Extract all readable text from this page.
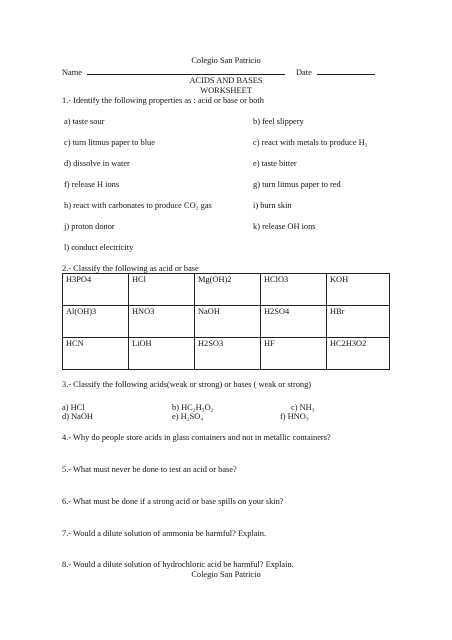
Colegio San Patricio
Name	Date
ACIDS AND BASES
WORKSHEET
1.- Identify the following properties as : acid or base or both
a) taste sour	b) feel slippery
c) turn litmus paper to blue	c) react with metals to produce H₂
d) dissolve in water	e) taste bitter
f) release H ions	g) turn litmus paper to red
h) react with carbonates to produce CO₂ gas	i) burn skin
j) proton donor	k) release OH ions
l) conduct electricity
2.- Classify the following as acid or base
H3PO4	HCl	Mg(OH)2	HClO3	KOH
Al(OH)3	HNO3	NaOH	H2SO4	HBr
HCN	LiOH	H2SO3	HF	HC2H3O2
3.- Classify the following acids(weak or strong) or bases ( weak or strong)
a) HCl	b) HC₂H₃O₂	c) NH₃
d) NaOH	e) H₂SO₄	f) HNO₃
4.- Why do people store acids in glass containers and not in metallic containers?
5.- What must never be done to test an acid or base?
6.- What must be done if a strong acid or base spills on your skin?
7.- Would a dilute solution of ammonia be harmful? Explain.
8.- Would a dilute solution of hydrochloric acid be harmful? Explain.
Colegio San Patricio
